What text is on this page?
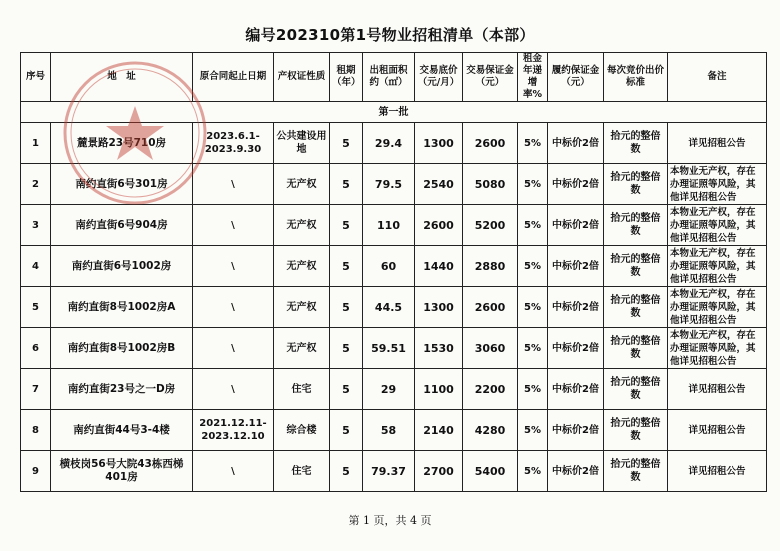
编号202310第1号物业招租清单（本部）
序号	地　址	原合同起止日期	产权证性质	租期（年）	出租面积约（㎡）	交易底价（元/月）	交易保证金（元）	租金年递增率%	履约保证金（元）	每次竞价出价标准	备注
第一批											
1	麓景路23号710房	2023.6.1-2023.9.30	公共建设用地	5	29.4	1300	2600	5%	中标价2倍	拾元的整倍数	详见招租公告
2	南约直街6号301房	\	无产权	5	79.5	2540	5080	5%	中标价2倍	拾元的整倍数	本物业无产权，存在办理证照等风险，其他详见招租公告
3	南约直街6号904房	\	无产权	5	110	2600	5200	5%	中标价2倍	拾元的整倍数	本物业无产权，存在办理证照等风险，其他详见招租公告
4	南约直街6号1002房	\	无产权	5	60	1440	2880	5%	中标价2倍	拾元的整倍数	本物业无产权，存在办理证照等风险，其他详见招租公告
5	南约直街8号1002房A	\	无产权	5	44.5	1300	2600	5%	中标价2倍	拾元的整倍数	本物业无产权，存在办理证照等风险，其他详见招租公告
6	南约直街8号1002房B	\	无产权	5	59.51	1530	3060	5%	中标价2倍	拾元的整倍数	本物业无产权，存在办理证照等风险，其他详见招租公告
7	南约直街23号之一D房	\	住宅	5	29	1100	2200	5%	中标价2倍	拾元的整倍数	详见招租公告
8	南约直街44号3-4楼	2021.12.11-2023.12.10	综合楼	5	58	2140	4280	5%	中标价2倍	拾元的整倍数	详见招租公告
9	横枝岗56号大院43栋西梯401房	\	住宅	5	79.37	2700	5400	5%	中标价2倍	拾元的整倍数	详见招租公告
第 1 页，共 4 页
